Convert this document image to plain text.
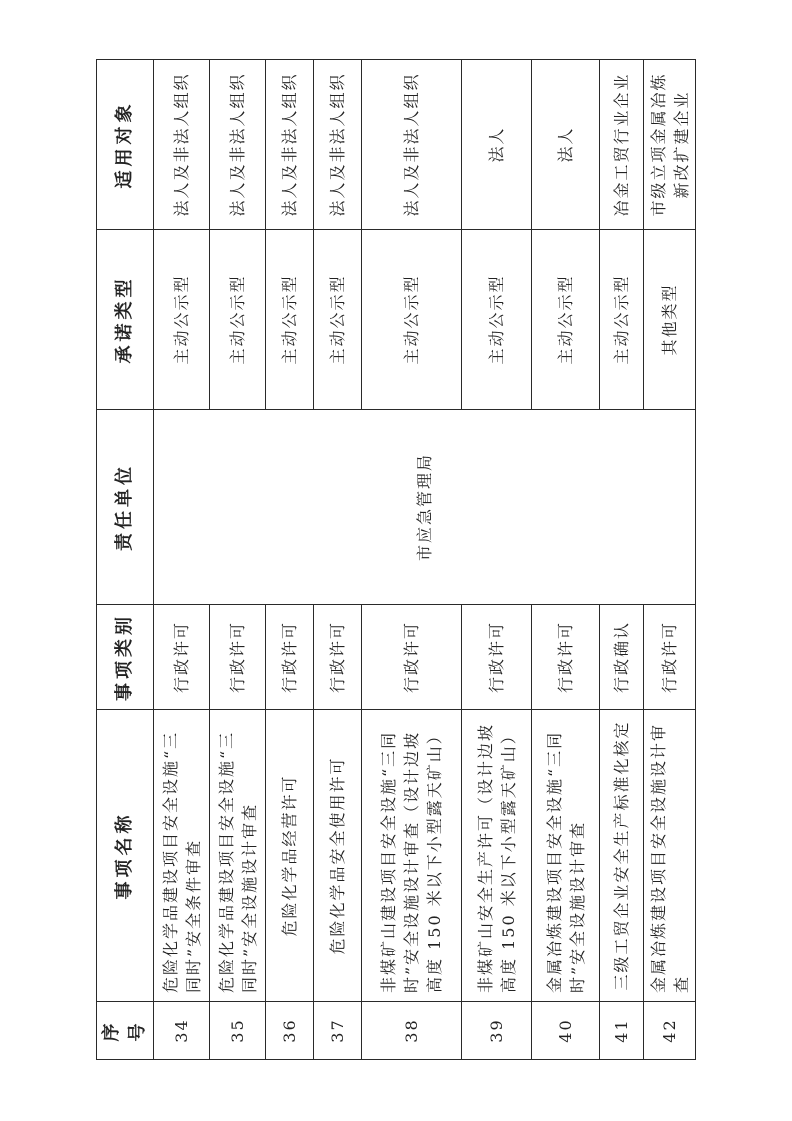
序号	事项名称	事项类别	责任单位	承诺类型	适用对象
34	危险化学品建设项目安全设施“三同时”安全条件审查	行政许可	市应急管理局	主动公示型	法人及非法人组织
35	危险化学品建设项目安全设施“三同时”安全设施设计审查	行政许可		主动公示型	法人及非法人组织
36	危险化学品经营许可	行政许可		主动公示型	法人及非法人组织
37	危险化学品安全使用许可	行政许可		主动公示型	法人及非法人组织
38	非煤矿山建设项目安全设施“三同时”安全设施设计审查（设计边坡高度 150 米以下小型露天矿山）	行政许可		主动公示型	法人及非法人组织
39	非煤矿山安全生产许可（设计边坡高度 150 米以下小型露天矿山）	行政许可		主动公示型	法人
40	金属冶炼建设项目安全设施“三同时”安全设施设计审查	行政许可		主动公示型	法人
41	三级工贸企业安全生产标准化核定	行政确认		主动公示型	冶金工贸行业企业
42	金属冶炼建设项目安全设施设计审查	行政许可		其他类型	市级立项金属冶炼新改扩建企业
